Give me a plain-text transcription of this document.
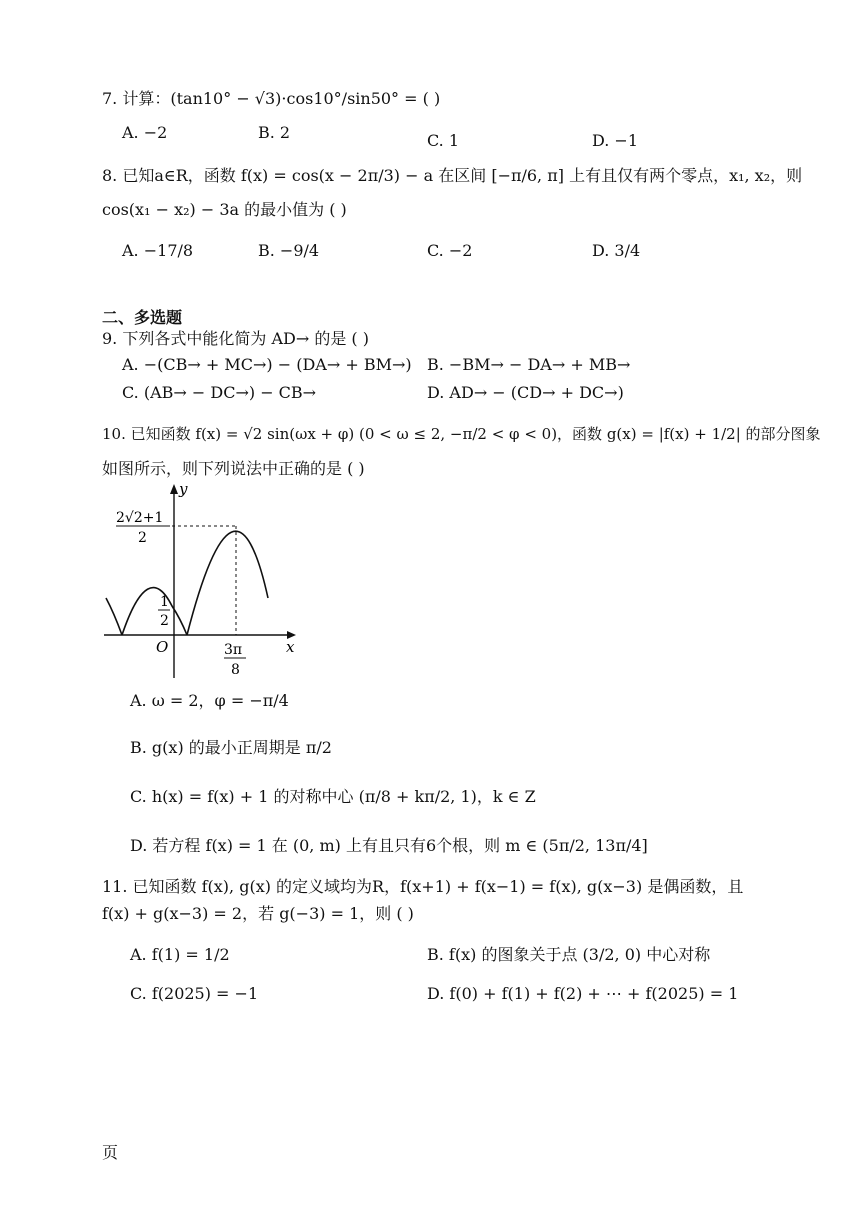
7. 计算：(tan10° − √3)·cos10°/sin50° = ( )
A. −2	B. 2	C. 1	D. −1
8. 已知a∈R，函数 f(x) = cos(x − 2π/3) − a 在区间 [−π/6, π] 上有且仅有两个零点，x₁, x₂，则
cos(x₁ − x₂) − 3a 的最小值为 ( )
A. −17/8	B. −9/4	C. −2	D. 3/4
二、多选题
9. 下列各式中能化简为 AD→ 的是 ( )
A. −(CB→ + MC→) − (DA→ + BM→) B. −BM→ − DA→ + MB→
C. (AB→ − DC→) − CB→	D. AD→ − (CD→ + DC→)
10. 已知函数 f(x) = √2 sin(ωx + φ) (0 < ω ≤ 2, −π/2 < φ < 0)，函数 g(x) = |f(x) + 1/2| 的部分图象
如图所示，则下列说法中正确的是 ( )
y
x
O
2√2+1
2
1
2
3π
8
A. ω = 2，φ = −π/4
B. g(x) 的最小正周期是 π/2
C. h(x) = f(x) + 1 的对称中心 (π/8 + kπ/2, 1)，k ∈ Z
D. 若方程 f(x) = 1 在 (0, m) 上有且只有6个根，则 m ∈ (5π/2, 13π/4]
11. 已知函数 f(x), g(x) 的定义域均为R，f(x+1) + f(x−1) = f(x), g(x−3) 是偶函数，且
f(x) + g(x−3) = 2，若 g(−3) = 1，则 ( )
A. f(1) = 1/2	B. f(x) 的图象关于点 (3/2, 0) 中心对称
C. f(2025) = −1	D. f(0) + f(1) + f(2) + ⋯ + f(2025) = 1
页
